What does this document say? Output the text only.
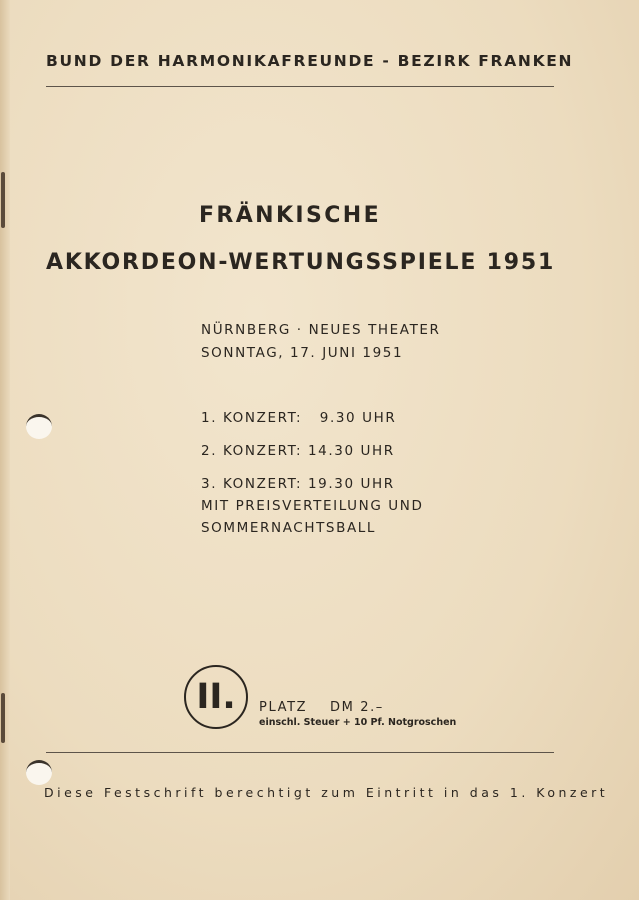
BUND DER HARMONIKAFREUNDE - BEZIRK FRANKEN
FRÄNKISCHE
AKKORDEON-WERTUNGSSPIELE 1951
NÜRNBERG · NEUES THEATER
SONNTAG, 17. JUNI 1951
1. KONZERT:   9.30 UHR
2. KONZERT: 14.30 UHR
3. KONZERT: 19.30 UHR
MIT PREISVERTEILUNG UND
SOMMERNACHTSBALL
II. PLATZ    DM 2.–
einschl. Steuer + 10 Pf. Notgroschen
Diese Festschrift berechtigt zum Eintritt in das 1. Konzert
